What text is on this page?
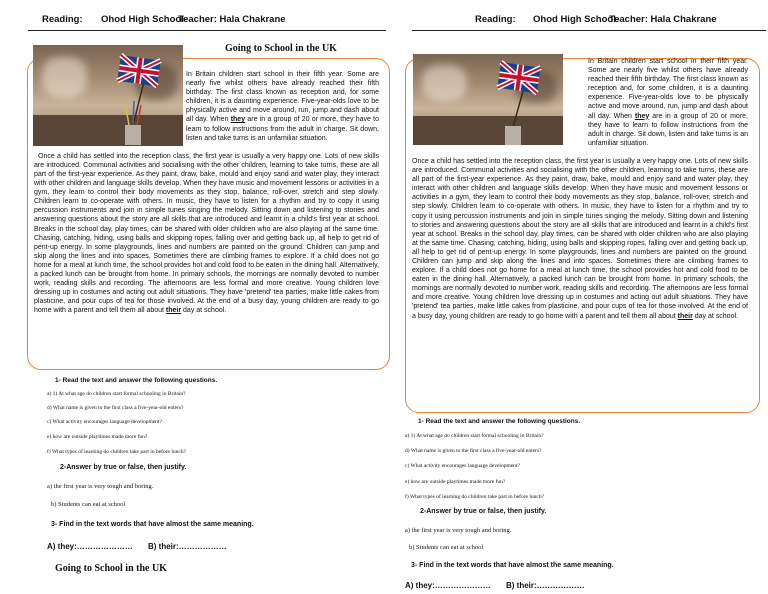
Reading: Ohod High School-
Teacher: Hala Chakrane
Going to School in the UK

In Britain children start school in their fifth year. Some are nearly five whilst others have already reached their fifth birthday. The first class known as reception and, for some children, it is a daunting experience. Five-year-olds love to be physically active and move around, run, jump and dash about all day. When they are in a group of 20 or more, they have to learn to follow instructions from the adult in charge. Sit down, listen and take turns is an unfamiliar situation.

Once a child has settled into the reception class, the first year is usually a very happy one. Lots of new skills are introduced. Communal activities and socialising with the other children, learning to take turns, these are all part of the first-year experience. As they paint, draw, bake, mould and enjoy sand and water play, they interact with other children and language skills develop. When they have music and movement lessons or activities in a gym, they learn to control their body movements as they stop, balance, roll-over, stretch and step slowly. Children learn to co-operate with others. In music, they have to listen for a rhythm and try to copy it using percussion instruments and join in simple tunes singing the melody. Sitting down and listening to stories and answering questions about the story are all skills that are introduced and learnt in a child's first year at school. Breaks in the school day, play times, can be shared with older children who are also playing at the same time. Chasing, catching, hiding, using balls and skipping ropes, falling over and getting back up, all help to get rid of pent-up energy. In some playgrounds, lines and numbers are painted on the ground. Children can jump and skip along the lines and into spaces. Sometimes there are climbing frames to explore. If a child does not go home for a meal at lunch time, the school provides hot and cold food to be eaten in the dining hall. Alternatively, a packed lunch can be brought from home. In primary schools, the mornings are normally devoted to number work, reading skills and recording. The afternoons are less formal and more creative. Young children love dressing up in costumes and acting out adult situations. They have 'pretend' tea parties, make little cakes from plasticine, and pour cups of tea for those involved. At the end of a busy day, young children are ready to go home with a parent and tell them all about their day at school.

1- Read the text and answer the following questions.
a) 1) At what age do children start formal schooling in Britain?
d) What name is given to the first class a five-year-old enters?
c) What activity encourages language development?
e) how are outside playtimes made more fun?
f) What types of learning do children take part in before lunch?
2-Answer by true or false, then justify.
a) the first year is very tough and boring.
b) Students can eat at school
3- Find in the text words that have almost the same meaning.
A) they:………………… B) their:………………
Going to School in the UK
Reading: Ohod High School-
Teacher: Hala Chakrane

In Britain children start school in their fifth year. Some are nearly five whilst others have already reached their fifth birthday. The first class known as reception and, for some children, it is a daunting experience. Five-year-olds love to be physically active and move around, run, jump and dash about all day. When they are in a group of 20 or more, they have to learn to follow instructions from the adult in charge. Sit down, listen and take turns is an unfamiliar situation.

Once a child has settled into the reception class, the first year is usually a very happy one. Lots of new skills are introduced. Communal activities and socialising with the other children, learning to take turns, these are all part of the first-year experience. As they paint, draw, bake, mould and enjoy sand and water play, they interact with other children and language skills develop. When they have music and movement lessons or activities in a gym, they learn to control their body movements as they stop, balance, roll-over, stretch and step slowly. Children learn to co-operate with others. In music, they have to listen for a rhythm and try to copy it using percussion instruments and join in simple tunes singing the melody. Sitting down and listening to stories and answering questions about the story are all skills that are introduced and learnt in a child's first year at school. Breaks in the school day, play times, can be shared with older children who are also playing at the same time. Chasing, catching, hiding, using balls and skipping ropes, falling over and getting back up, all help to get rid of pent-up energy. In some playgrounds, lines and numbers are painted on the ground. Children can jump and skip along the lines and into spaces. Sometimes there are climbing frames to explore. If a child does not go home for a meal at lunch time, the school provides hot and cold food to be eaten in the dining hall. Alternatively, a packed lunch can be brought from home. In primary schools, the mornings are normally devoted to number work, reading skills and recording. The afternoons are less formal and more creative. Young children love dressing up in costumes and acting out adult situations. They have 'pretend' tea parties, make little cakes from plasticine, and pour cups of tea for those involved. At the end of a busy day, young children are ready to go home with a parent and tell them all about their day at school.

1- Read the text and answer the following questions.
a) 1) At what age do children start formal schooling in Britain?
d) What name is given to the first class a five-year-old enters?
c) What activity encourages language development?
e) how are outside playtimes made more fun?
f) What types of learning do children take part in before lunch?
2-Answer by true or false, then justify.
a) the first year is very tough and boring.
b) Students can eat at school
3- Find in the text words that have almost the same meaning.
A) they:………………… B) their:………………
